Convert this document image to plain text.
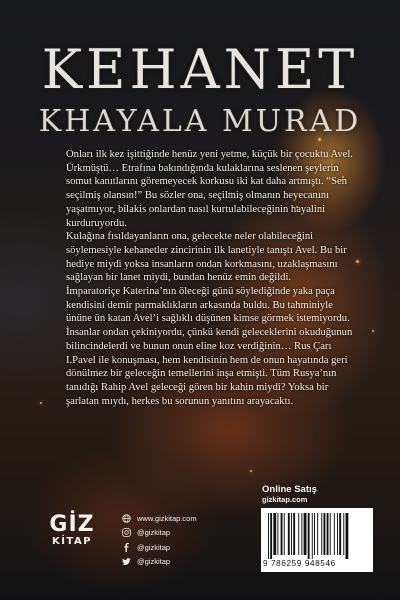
KEHANET
KHAYALA MURAD

Onları ilk kez işittiğinde henüz yeni yetme, küçük bir çocuktu Avel. Ürkmüştü… Etrafına bakındığında kulaklarına seslenen şeylerin somut kanıtlarını göremeyecek korkusu iki kat daha artmıştı. “Sen seçilmiş olansın!” Bu sözler ona, seçilmiş olmanın heyecanını yaşatmıyor, bilakis onlardan nasıl kurtulabileceğinin hayalini kurduruyordu.

Kulağına fısıldayanların ona, gelecekte neler olabileceğini söylemesiyle kehanetler zincirinin ilk lanetiyle tanıştı Avel. Bu bir hediye miydi yoksa insanların ondan korkmasını, uzaklaşmasını sağlayan bir lanet miydi, bundan henüz emin değildi.

İmparatoriçe Katerina’nın öleceği günü söylediğinde yaka paça kendisini demir parmaklıkların arkasında buldu. Bu tahminiyle ününe ün katan Avel’i sağlıklı düşünen kimse görmek istemiyordu. İnsanlar ondan çekiniyordu, çünkü kendi geleceklerini okuduğunun bilincindelerdi ve bunun onun eline koz verdiğinin… Rus Çarı I.Pavel ile konuşması, hem kendisinin hem de onun hayatında geri dönülmez bir geleceğin temellerini inşa etmişti. Tüm Rusya’nın tanıdığı Rahip Avel geleceği gören bir kahin miydi? Yoksa bir şarlatan mıydı, herkes bu sorunun yanıtını arayacaktı.

GİZ
KİTAP
www.gizkitap.com
@gizkitap
@gizkitap
@gizkitap
Online Satış
gizkitap.com
9 786259 948546
